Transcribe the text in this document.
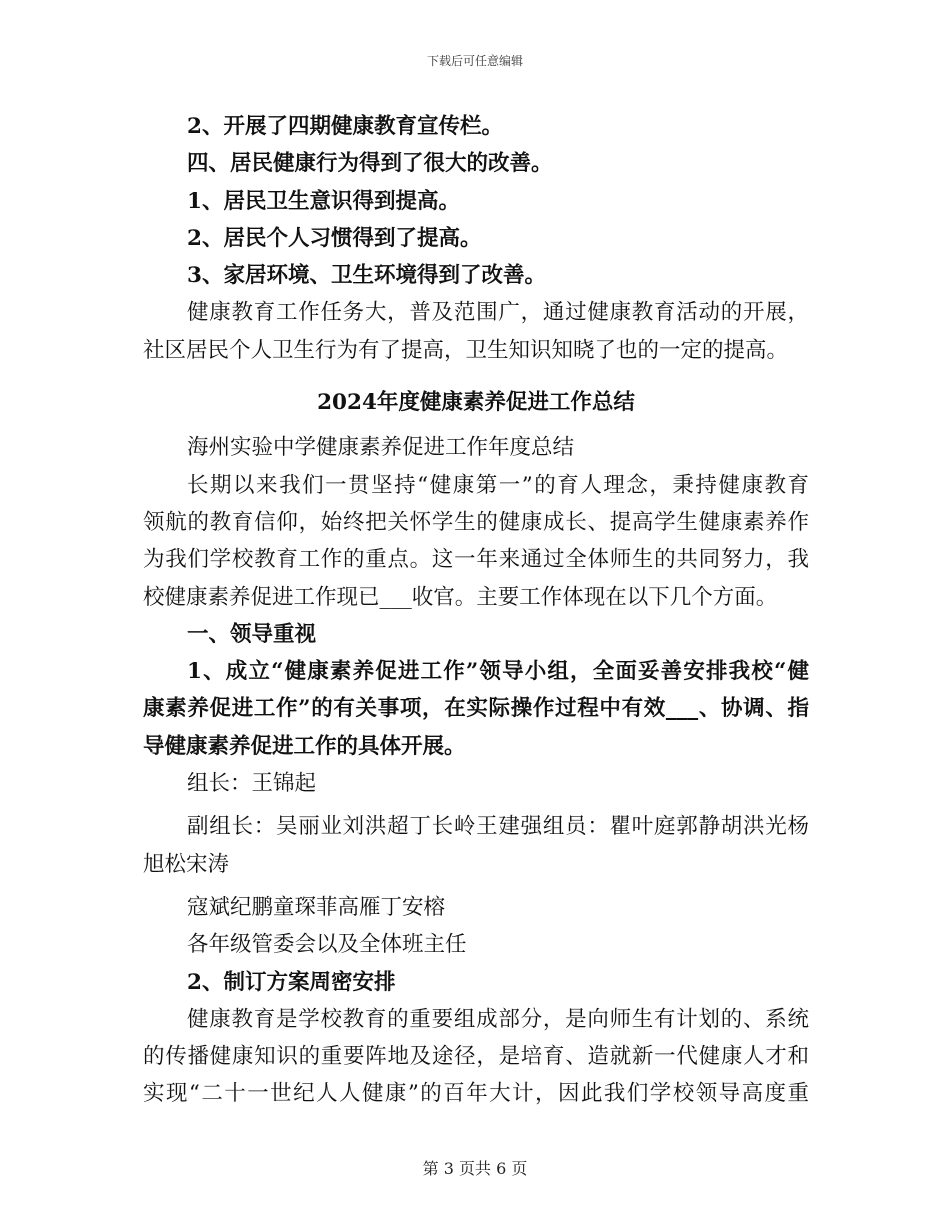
下载后可任意编辑
2、开展了四期健康教育宣传栏。
四、居民健康行为得到了很大的改善。
1、居民卫生意识得到提高。
2、居民个人习惯得到了提高。
3、家居环境、卫生环境得到了改善。
健康教育工作任务大，普及范围广，通过健康教育活动的开展，
社区居民个人卫生行为有了提高，卫生知识知晓了也的一定的提高。
2024年度健康素养促进工作总结
海州实验中学健康素养促进工作年度总结
长期以来我们一贯坚持“健康第一”的育人理念，秉持健康教育
领航的教育信仰，始终把关怀学生的健康成长、提高学生健康素养作
为我们学校教育工作的重点。这一年来通过全体师生的共同努力，我
校健康素养促进工作现已___收官。主要工作体现在以下几个方面。
一、领导重视
1、成立“健康素养促进工作”领导小组，全面妥善安排我校“健
康素养促进工作”的有关事项，在实际操作过程中有效___、协调、指
导健康素养促进工作的具体开展。
组长：王锦起
副组长：吴丽业刘洪超丁长岭王建强组员：瞿叶庭郭静胡洪光杨
旭松宋涛
寇斌纪鹏童琛菲高雁丁安榕
各年级管委会以及全体班主任
2、制订方案周密安排
健康教育是学校教育的重要组成部分，是向师生有计划的、系统
的传播健康知识的重要阵地及途径，是培育、造就新一代健康人才和
实现“二十一世纪人人健康”的百年大计，因此我们学校领导高度重
第 3 页共 6 页
